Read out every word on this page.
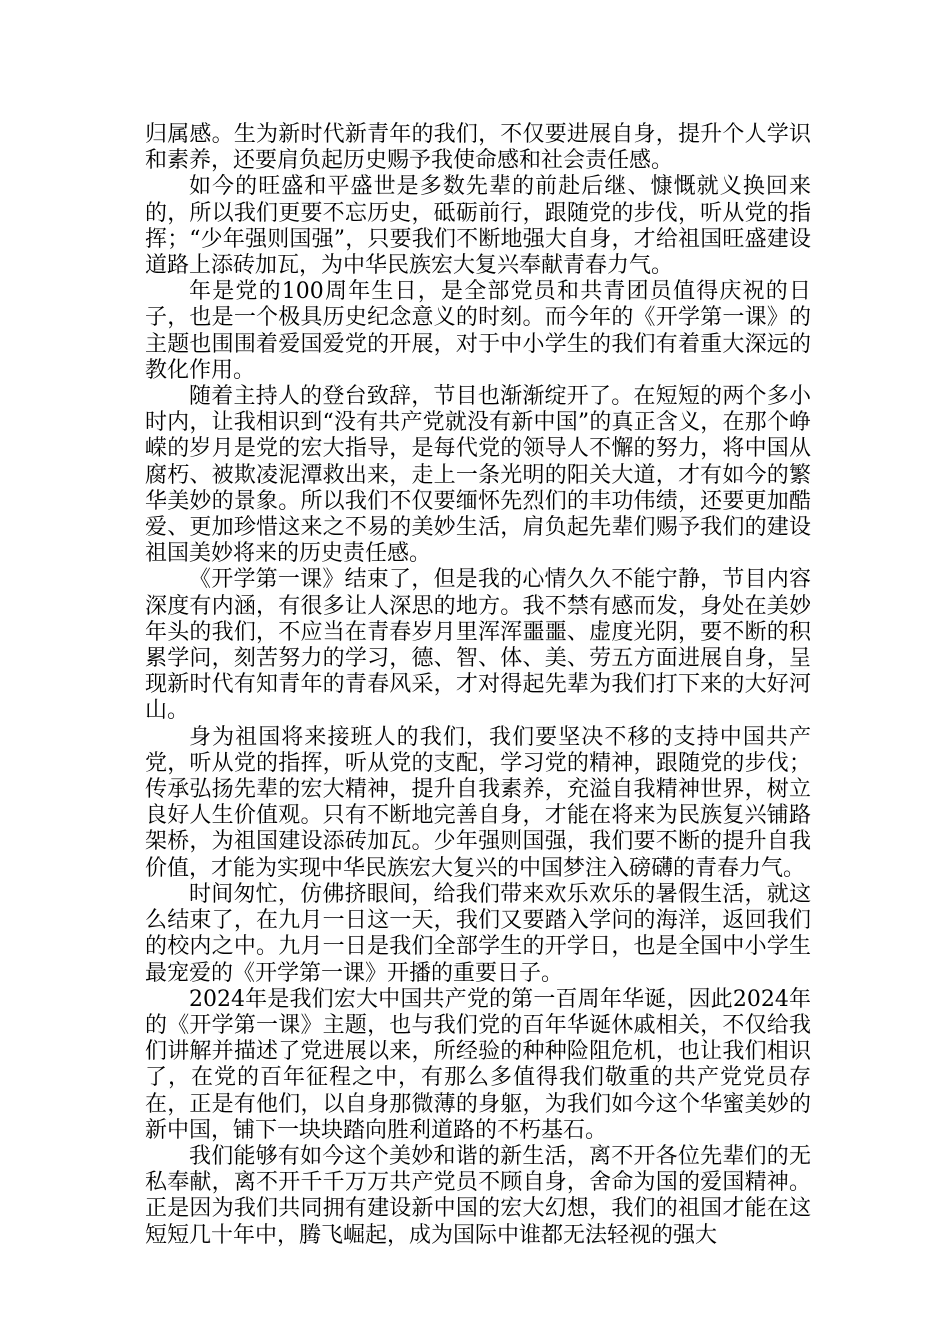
归属感。生为新时代新青年的我们，不仅要进展自身，提升个人学识和素养，还要肩负起历史赐予我使命感和社会责任感。

如今的旺盛和平盛世是多数先辈的前赴后继、慷慨就义换回来的，所以我们更要不忘历史，砥砺前行，跟随党的步伐，听从党的指挥；“少年强则国强”，只要我们不断地强大自身，才给祖国旺盛建设道路上添砖加瓦，为中华民族宏大复兴奉献青春力气。

年是党的100周年生日，是全部党员和共青团员值得庆祝的日子，也是一个极具历史纪念意义的时刻。而今年的《开学第一课》的主题也围围着爱国爱党的开展，对于中小学生的我们有着重大深远的教化作用。

随着主持人的登台致辞，节目也渐渐绽开了。在短短的两个多小时内，让我相识到“没有共产党就没有新中国”的真正含义，在那个峥嵘的岁月是党的宏大指导，是每代党的领导人不懈的努力，将中国从腐朽、被欺凌泥潭救出来，走上一条光明的阳关大道，才有如今的繁华美妙的景象。所以我们不仅要缅怀先烈们的丰功伟绩，还要更加酷爱、更加珍惜这来之不易的美妙生活，肩负起先辈们赐予我们的建设祖国美妙将来的历史责任感。

《开学第一课》结束了，但是我的心情久久不能宁静，节目内容深度有内涵，有很多让人深思的地方。我不禁有感而发，身处在美妙年头的我们，不应当在青春岁月里浑浑噩噩、虚度光阴，要不断的积累学问，刻苦努力的学习，德、智、体、美、劳五方面进展自身，呈现新时代有知青年的青春风采，才对得起先辈为我们打下来的大好河山。

身为祖国将来接班人的我们，我们要坚决不移的支持中国共产党，听从党的指挥，听从党的支配，学习党的精神，跟随党的步伐；传承弘扬先辈的宏大精神，提升自我素养，充溢自我精神世界，树立良好人生价值观。只有不断地完善自身，才能在将来为民族复兴铺路架桥，为祖国建设添砖加瓦。少年强则国强，我们要不断的提升自我价值，才能为实现中华民族宏大复兴的中国梦注入磅礴的青春力气。

时间匆忙，仿佛挤眼间，给我们带来欢乐欢乐的暑假生活，就这么结束了，在九月一日这一天，我们又要踏入学问的海洋，返回我们的校内之中。九月一日是我们全部学生的开学日，也是全国中小学生最宠爱的《开学第一课》开播的重要日子。

2024年是我们宏大中国共产党的第一百周年华诞，因此2024年的《开学第一课》主题，也与我们党的百年华诞休戚相关，不仅给我们讲解并描述了党进展以来，所经验的种种险阻危机，也让我们相识了，在党的百年征程之中，有那么多值得我们敬重的共产党党员存在，正是有他们，以自身那微薄的身躯，为我们如今这个华蜜美妙的新中国，铺下一块块踏向胜利道路的不朽基石。

我们能够有如今这个美妙和谐的新生活，离不开各位先辈们的无私奉献，离不开千千万万共产党员不顾自身，舍命为国的爱国精神。正是因为我们共同拥有建设新中国的宏大幻想，我们的祖国才能在这短短几十年中，腾飞崛起，成为国际中谁都无法轻视的强大
